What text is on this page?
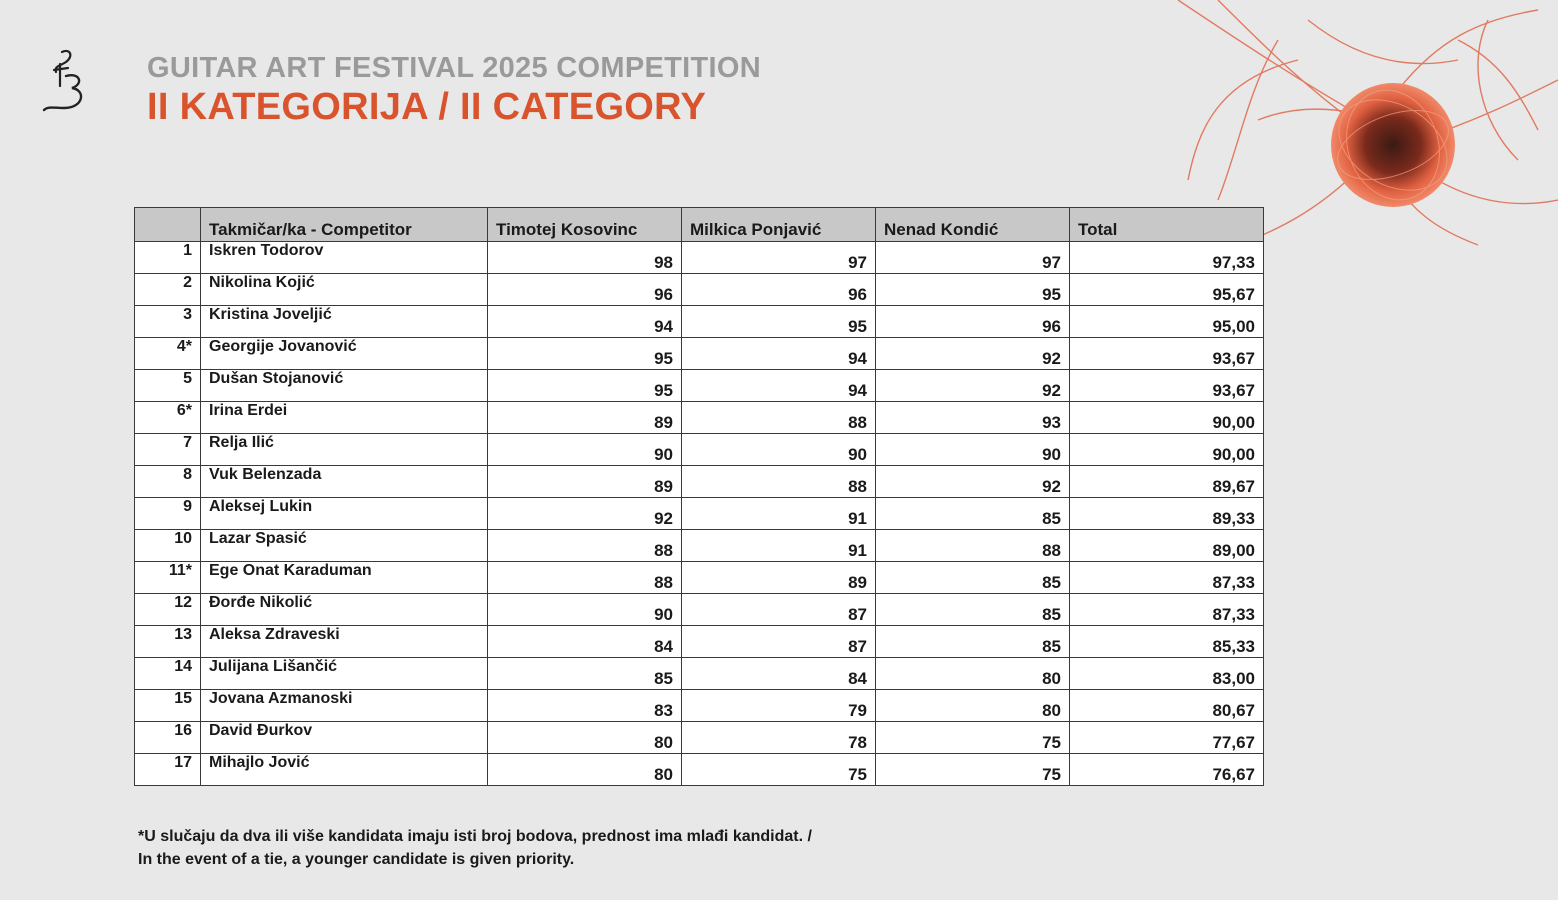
GUITAR ART FESTIVAL 2025 COMPETITION
II KATEGORIJA / II CATEGORY
	Takmičar/ka - Competitor	Timotej Kosovinc	Milkica Ponjavić	Nenad Kondić	Total
1	Iskren Todorov	98	97	97	97,33
2	Nikolina Kojić	96	96	95	95,67
3	Kristina Joveljić	94	95	96	95,00
4*	Georgije Jovanović	95	94	92	93,67
5	Dušan Stojanović	95	94	92	93,67
6*	Irina Erdei	89	88	93	90,00
7	Relja Ilić	90	90	90	90,00
8	Vuk Belenzada	89	88	92	89,67
9	Aleksej Lukin	92	91	85	89,33
10	Lazar Spasić	88	91	88	89,00
11*	Ege Onat Karaduman	88	89	85	87,33
12	Đorđe Nikolić	90	87	85	87,33
13	Aleksa Zdraveski	84	87	85	85,33
14	Julijana Lišančić	85	84	80	83,00
15	Jovana Azmanoski	83	79	80	80,67
16	David Đurkov	80	78	75	77,67
17	Mihajlo Jović	80	75	75	76,67
*U slučaju da dva ili više kandidata imaju isti broj bodova, prednost ima mlađi kandidat. /
In the event of a tie, a younger candidate is given priority.
